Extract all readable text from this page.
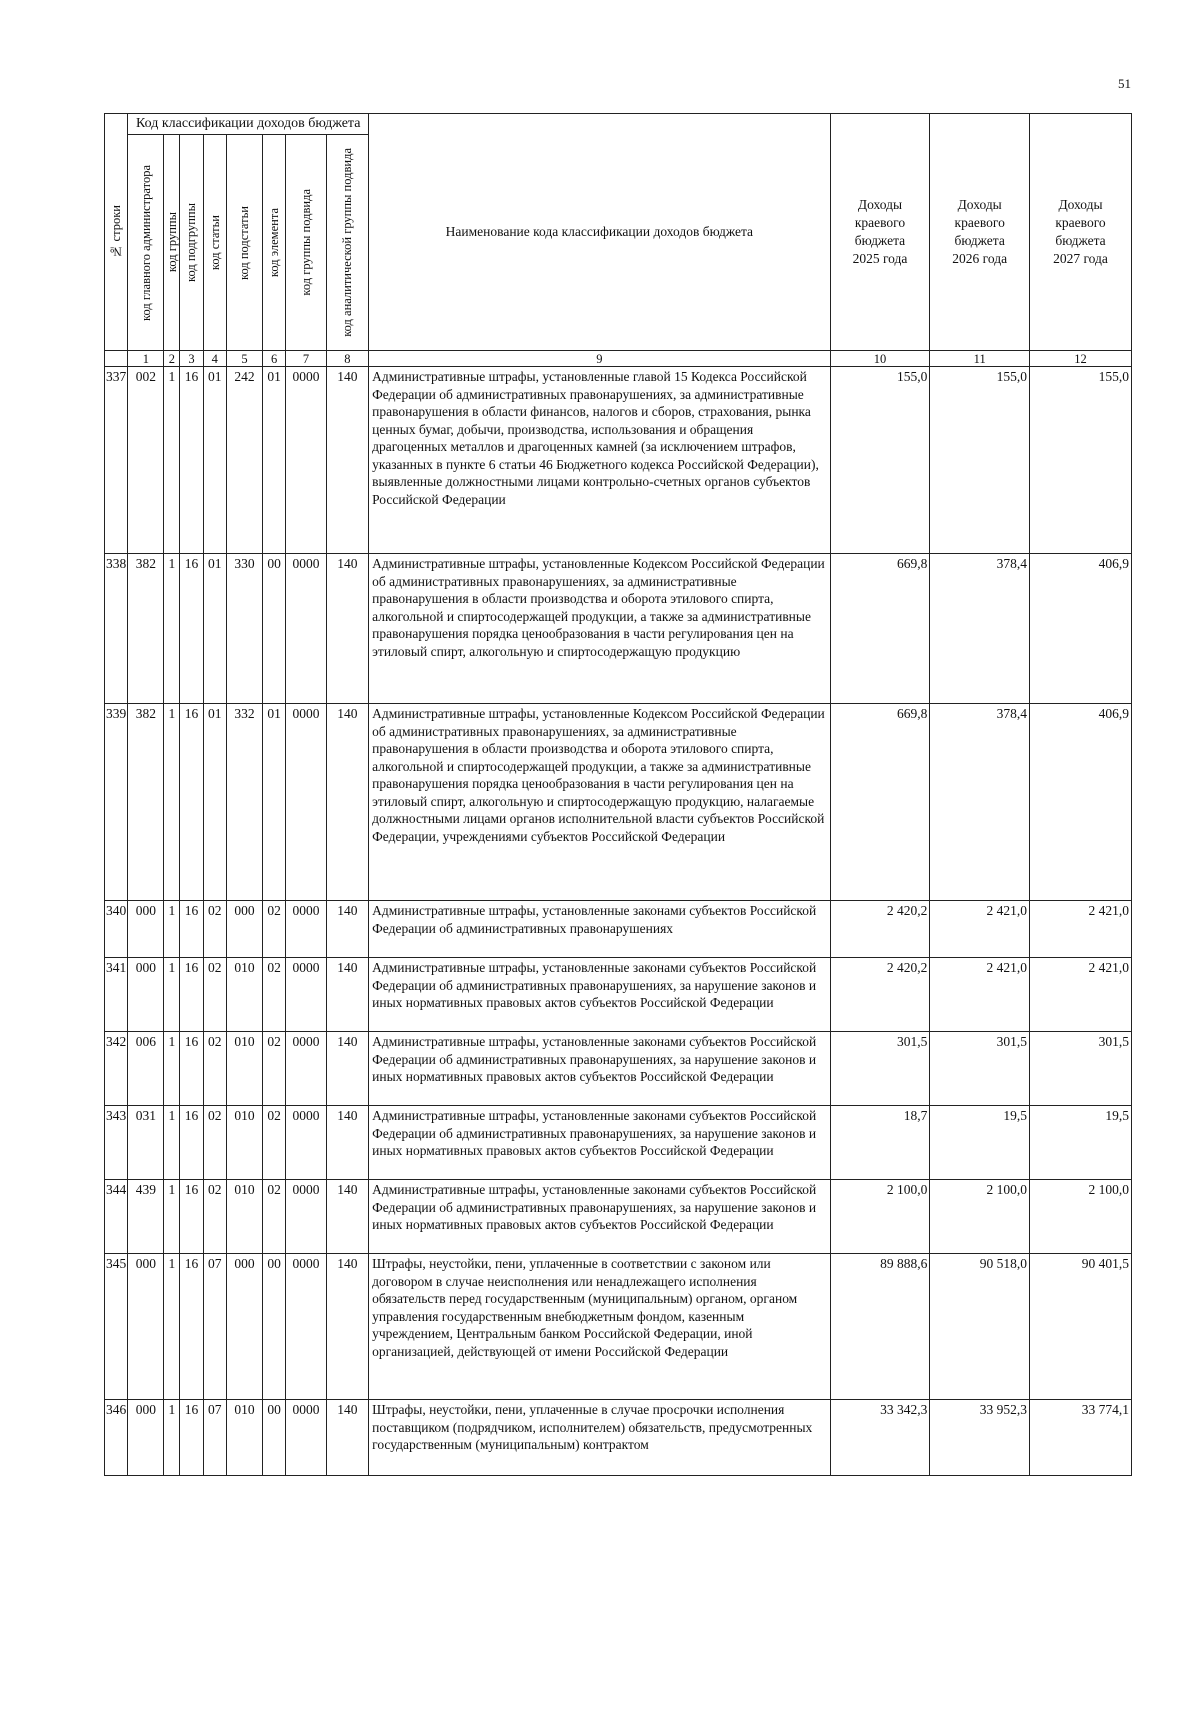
51
№ строки	Код классификации доходов бюджета								Наименование кода классификации доходов бюджета	Доходы
краевого
бюджета
2025 года	Доходы
краевого
бюджета
2026 года	Доходы
краевого
бюджета
2027 года

	код главного администратора	код группы	код подгруппы	код статьи	код подстатьи	код элемента	код группы подвида	код аналитической группы подвида				

	1	2	3	4	5	6	7	8	9	10	11	12
337	002	1	16	01	242	01	0000	140	Административные штрафы, установленные главой 15 Кодекса Российской Федерации об административных правонарушениях, за административные правонарушения в области финансов, налогов и сборов, страхования, рынка ценных бумаг, добычи, производства, использования и обращения драгоценных металлов и драгоценных камней (за исключением штрафов, указанных в пункте 6 статьи 46 Бюджетного кодекса Российской Федерации), выявленные должностными лицами контрольно-счетных органов субъектов Российской Федерации	155,0	155,0	155,0
338	382	1	16	01	330	00	0000	140	Административные штрафы, установленные Кодексом Российской Федерации об административных правонарушениях, за административные правонарушения в области производства и оборота этилового спирта, алкогольной и спиртосодержащей продукции, а также за административные правонарушения порядка ценообразования в части регулирования цен на этиловый спирт, алкогольную и спиртосодержащую продукцию	669,8	378,4	406,9
339	382	1	16	01	332	01	0000	140	Административные штрафы, установленные Кодексом Российской Федерации об административных правонарушениях, за административные правонарушения в области производства и оборота этилового спирта, алкогольной и спиртосодержащей продукции, а также за административные правонарушения порядка ценообразования в части регулирования цен на этиловый спирт, алкогольную и спиртосодержащую продукцию, налагаемые должностными лицами органов исполнительной власти субъектов Российской Федерации, учреждениями субъектов Российской Федерации	669,8	378,4	406,9
340	000	1	16	02	000	02	0000	140	Административные штрафы, установленные законами субъектов Российской Федерации об административных правонарушениях	2 420,2	2 421,0	2 421,0
341	000	1	16	02	010	02	0000	140	Административные штрафы, установленные законами субъектов Российской Федерации об административных правонарушениях, за нарушение законов и иных нормативных правовых актов субъектов Российской Федерации	2 420,2	2 421,0	2 421,0
342	006	1	16	02	010	02	0000	140	Административные штрафы, установленные законами субъектов Российской Федерации об административных правонарушениях, за нарушение законов и иных нормативных правовых актов субъектов Российской Федерации	301,5	301,5	301,5
343	031	1	16	02	010	02	0000	140	Административные штрафы, установленные законами субъектов Российской Федерации об административных правонарушениях, за нарушение законов и иных нормативных правовых актов субъектов Российской Федерации	18,7	19,5	19,5
344	439	1	16	02	010	02	0000	140	Административные штрафы, установленные законами субъектов Российской Федерации об административных правонарушениях, за нарушение законов и иных нормативных правовых актов субъектов Российской Федерации	2 100,0	2 100,0	2 100,0
345	000	1	16	07	000	00	0000	140	Штрафы, неустойки, пени, уплаченные в соответствии с законом или договором в случае неисполнения или ненадлежащего исполнения обязательств перед государственным (муниципальным) органом, органом управления государственным внебюджетным фондом, казенным учреждением, Центральным банком Российской Федерации, иной организацией, действующей от имени Российской Федерации	89 888,6	90 518,0	90 401,5
346	000	1	16	07	010	00	0000	140	Штрафы, неустойки, пени, уплаченные в случае просрочки исполнения поставщиком (подрядчиком, исполнителем) обязательств, предусмотренных государственным (муниципальным) контрактом	33 342,3	33 952,3	33 774,1
